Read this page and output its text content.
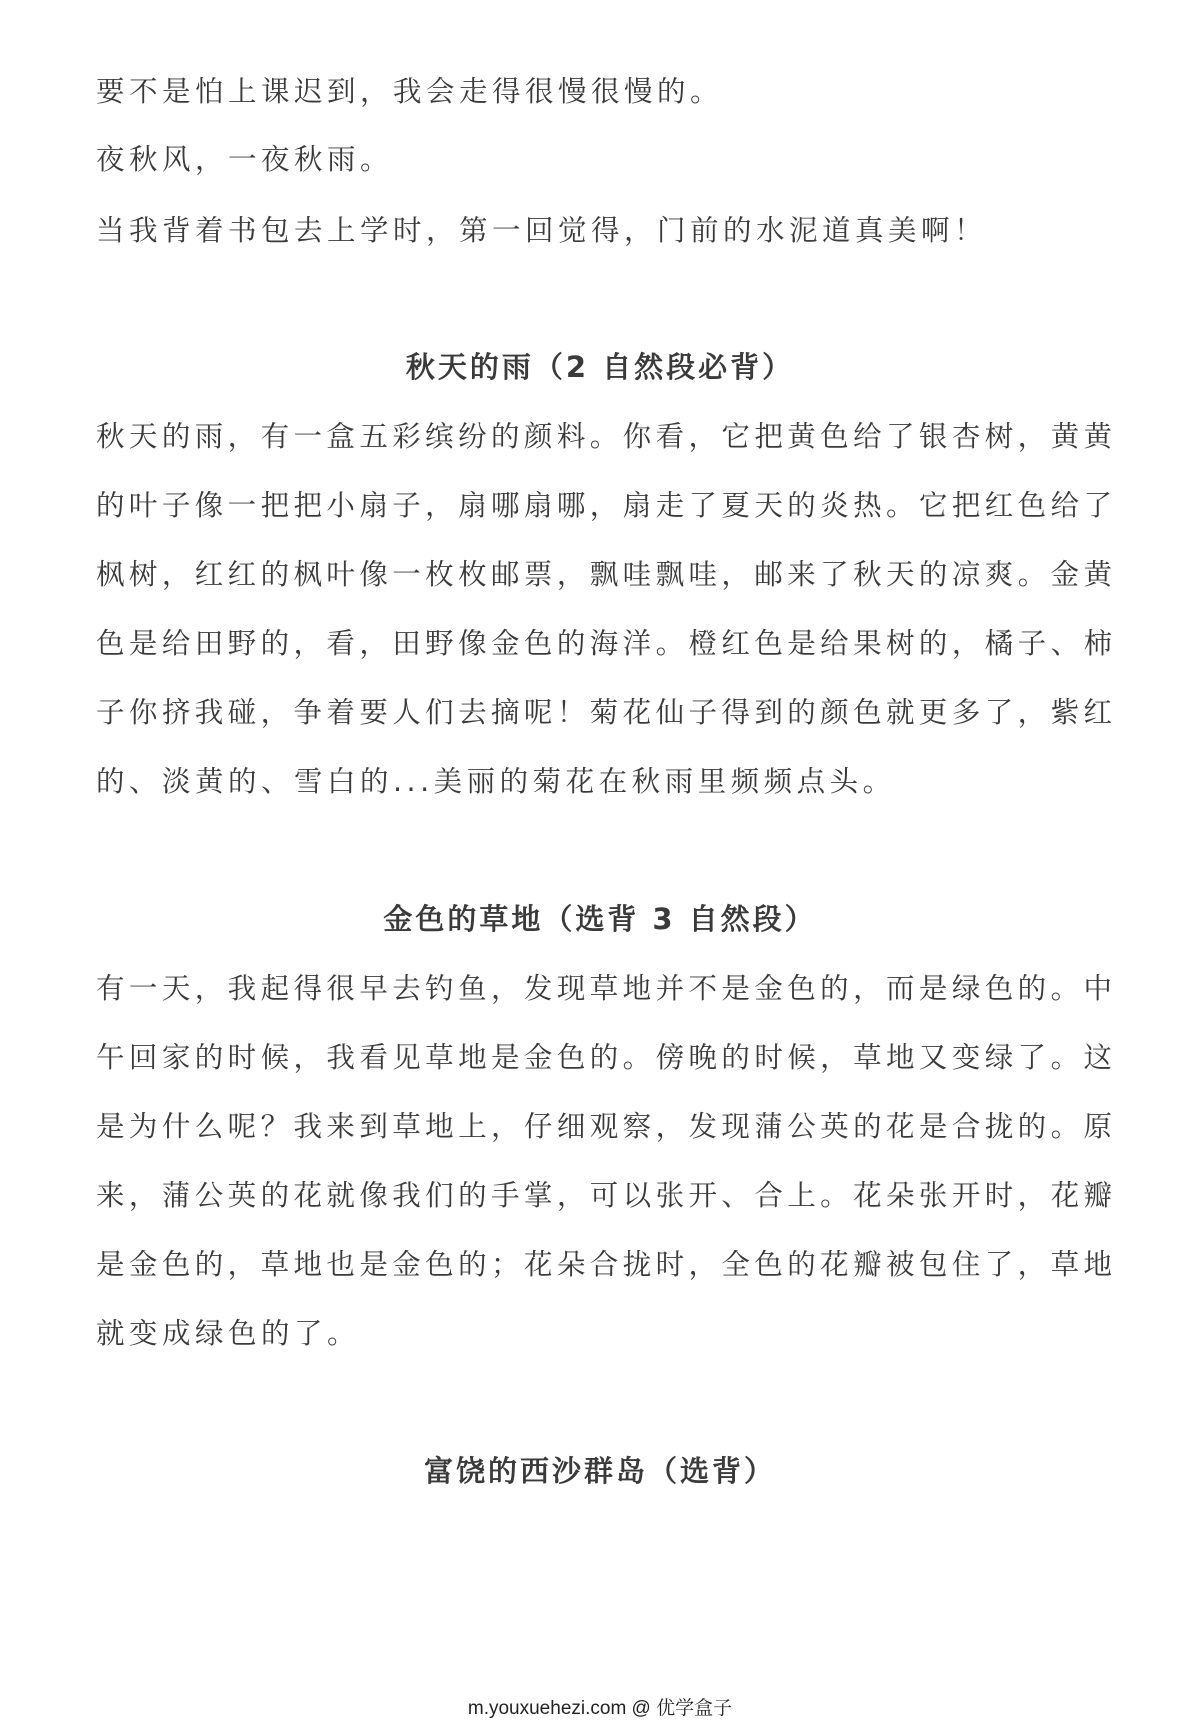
要不是怕上课迟到，我会走得很慢很慢的。
夜秋风，一夜秋雨。
当我背着书包去上学时，第一回觉得，门前的水泥道真美啊！
秋天的雨（2 自然段必背）
秋天的雨，有一盒五彩缤纷的颜料。你看，它把黄色给了银杏树，黄黄
的叶子像一把把小扇子，扇哪扇哪，扇走了夏天的炎热。它把红色给了
枫树，红红的枫叶像一枚枚邮票，飘哇飘哇，邮来了秋天的凉爽。金黄
色是给田野的，看，田野像金色的海洋。橙红色是给果树的，橘子、柿
子你挤我碰，争着要人们去摘呢！菊花仙子得到的颜色就更多了，紫红
的、淡黄的、雪白的...美丽的菊花在秋雨里频频点头。
金色的草地（选背 3 自然段）
有一天，我起得很早去钓鱼，发现草地并不是金色的，而是绿色的。中
午回家的时候，我看见草地是金色的。傍晚的时候，草地又变绿了。这
是为什么呢？我来到草地上，仔细观察，发现蒲公英的花是合拢的。原
来，蒲公英的花就像我们的手掌，可以张开、合上。花朵张开时，花瓣
是金色的，草地也是金色的；花朵合拢时，全色的花瓣被包住了，草地
就变成绿色的了。
富饶的西沙群岛（选背）
m.youxuehezi.com @ 优学盒子
